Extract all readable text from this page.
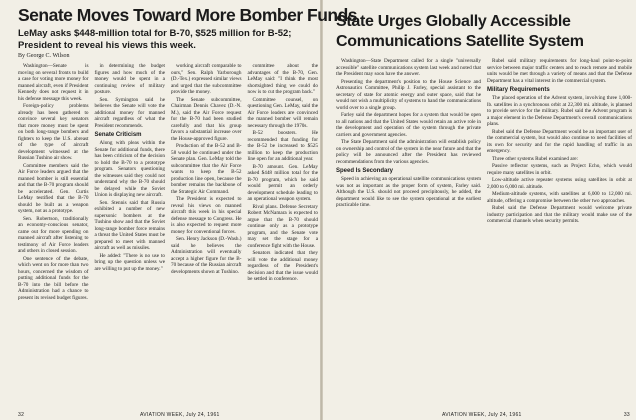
Senate Moves Toward More Bomber Funds

LeMay asks $448-million total for B-70, $525 million for B-52; President to reveal his views this week.

By George C. Wilson

Washington—Senate is moving on several fronts to build a case for voting more money for manned aircraft, even if President Kennedy does not request it in his defense message this week.

Foreign-policy problems already has been gathered to convince several key senators that more money must be spent on both long-range bombers and fighters to keep the U.S. abreast of the type of aircraft development witnessed at the Russian Tushino air show.

Committee members said the Air Force leaders argued that the manned bomber is still essential and that the B-70 program should be accelerated. Gen. Curtis LeMay testified that the B-70 should be built as a weapon system, not as a prototype.

Sen. Robertson, traditionally an economy-conscious senator, came out for more spending on manned aircraft after listening to testimony of Air Force leaders and others in closed session.

One sentence of the debate, which went on for more than two hours, concerned the wisdom of putting additional funds for the B-70 into the bill before the Administration had a chance to present its revised budget figures.

in determining the budget figures and how much of the money would be spent in a continuing review of military posture.

Sen. Symington said he believes the Senate will vote the additional money for manned aircraft regardless of what the President recommends.

Senate Criticism

Along with pleas within the Senate for additional funds, there has been criticism of the decision to hold the B-70 to a prototype program. Senators questioning the witnesses said they could not understand why the B-70 should be delayed while the Soviet Union is displaying new aircraft.

Sen. Stennis said that Russia exhibited a number of new supersonic bombers at the Tushino show and that the Soviet long-range bomber force remains a threat the United States must be prepared to meet with manned aircraft as well as missiles.

He added: "There is no use to bring up the question unless we are willing to put up the money."

working aircraft comparable to ours," Sen. Ralph Yarborough (D.-Tex.) expressed similar views and urged that the subcommittee provide the money.

The Senate subcommittee, Chairman Dennis Chavez (D.-N. M.), said the Air Force request for the B-70 had been studied carefully and that his group favors a substantial increase over the House-approved figure.

Production of the B-52 and B-58 would be continued under the Senate plan. Gen. LeMay told the subcommittee that the Air Force wants to keep the B-52 production line open, because the bomber remains the backbone of the Strategic Air Command.

The President is expected to reveal his views on manned aircraft this week in his special defense message to Congress. He is also expected to request more money for conventional forces.

Sen. Henry Jackson (D.-Wash.) said he believes the Administration will eventually accept a higher figure for the B-70 because of the Russian aircraft developments shown at Tushino.

committee about the advantages of the B-70, Gen. LeMay said: "I think the most shortsighted thing we could do now is to cut the program back."

Committee counsel, on questioning Gen. LeMay, said the Air Force leaders are convinced the manned bomber will remain necessary through the 1970s.

B-52 boosters. He recommended that funding for the B-52 be increased to $525 million to keep the production line open for an additional year.

B-70 amount. Gen. LeMay asked $448 million total for the B-70 program, which he said would permit an orderly development schedule leading to an operational weapon system.

Rival plans. Defense Secretary Robert McNamara is expected to argue that the B-70 should continue only as a prototype program, and the Senate vote may set the stage for a conference fight with the House.

Senators indicated that they will vote the additional money regardless of the President's decision and that the issue would be settled in conference.

32	AVIATION WEEK, July 24, 1961
State Urges Globally Accessible Communications Satellite System

Washington—State Department called for a single "universally accessible" satellite communications system last week and noted that the President may soon have the answer.

Presenting the department's position to the House Science and Astronautics Committee, Philip J. Farley, special assistant to the secretary of state for atomic energy and outer space, said that he would not wish a multiplicity of systems to hand the communications world over to a single group.

Farley said the department hopes for a system that would be open to all nations and that the United States would retain an active role in the development and operation of the system through the private carriers and government agencies.

The State Department said the administration will establish policy on ownership and control of the system in the near future and that the policy will be announced after the President has reviewed recommendations from the various agencies.

Speed Is Secondary

Speed in achieving an operational satellite communications system was not as important as the proper form of system, Farley said. Although the U.S. should not proceed precipitously, he added, the department would like to see the system operational at the earliest practicable time.

Rubel said military requirements for long-haul point-to-point service between major traffic centers and to reach remote and mobile units would be met through a variety of means and that the Defense Department has a vital interest in the commercial system.

Military Requirements

The placed operation of the Advent system, involving three 1,000-lb. satellites in a synchronous orbit at 22,300 mi. altitude, is planned to provide service for the military. Rubel said the Advent program is a major element in the Defense Department's overall communications plans.

Rubel said the Defense Department would be an important user of the commercial system, but would also continue to need facilities of its own for security and for the rapid handling of traffic in an emergency.

Three other systems Rubel examined are:

Passive reflector systems, such as Project Echo, which would require many satellites in orbit.

Low-altitude active repeater systems using satellites in orbit at 2,000 to 6,000 mi. altitude.

Medium-altitude systems, with satellites at 6,000 to 12,000 mi. altitude, offering a compromise between the other two approaches.

Rubel said the Defense Department would welcome private industry participation and that the military would make use of the commercial channels when security permits.

AVIATION WEEK, July 24, 1961	33
